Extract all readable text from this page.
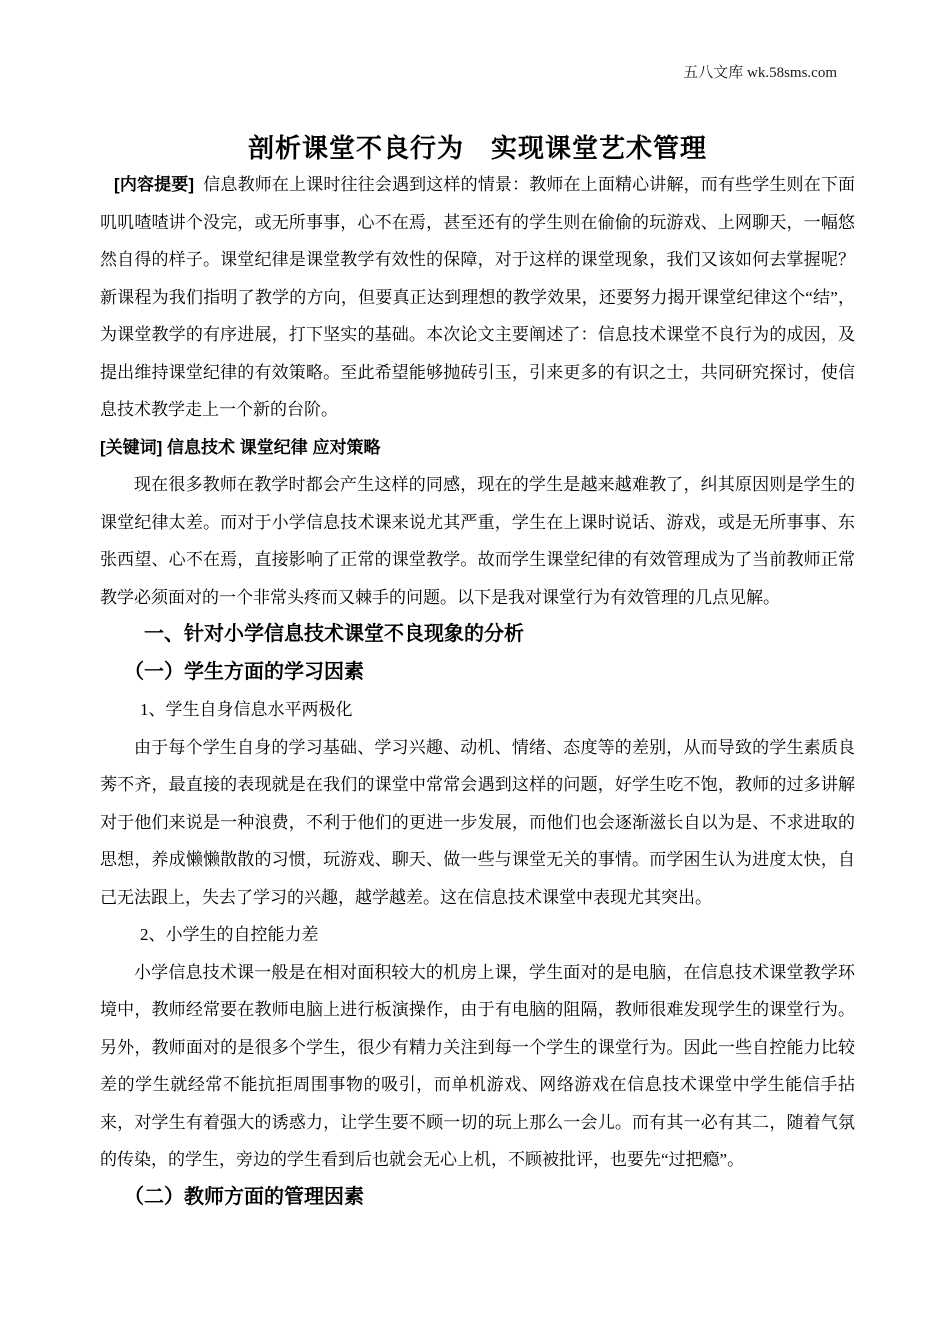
五八文库 wk.58sms.com
剖析课堂不良行为　实现课堂艺术管理

[内容提要] 信息教师在上课时往往会遇到这样的情景：教师在上面精心讲解，而有些学生则在下面叽叽喳喳讲个没完，或无所事事，心不在焉，甚至还有的学生则在偷偷的玩游戏、上网聊天，一幅悠然自得的样子。课堂纪律是课堂教学有效性的保障，对于这样的课堂现象，我们又该如何去掌握呢？新课程为我们指明了教学的方向，但要真正达到理想的教学效果，还要努力揭开课堂纪律这个“结”，为课堂教学的有序进展，打下坚实的基础。本次论文主要阐述了：信息技术课堂不良行为的成因，及提出维持课堂纪律的有效策略。至此希望能够抛砖引玉，引来更多的有识之士，共同研究探讨，使信息技术教学走上一个新的台阶。

[关键词] 信息技术 课堂纪律 应对策略

现在很多教师在教学时都会产生这样的同感，现在的学生是越来越难教了，纠其原因则是学生的课堂纪律太差。而对于小学信息技术课来说尤其严重，学生在上课时说话、游戏，或是无所事事、东张西望、心不在焉，直接影响了正常的课堂教学。故而学生课堂纪律的有效管理成为了当前教师正常教学必须面对的一个非常头疼而又棘手的问题。以下是我对课堂行为有效管理的几点见解。

一、针对小学信息技术课堂不良现象的分析

（一）学生方面的学习因素

1、学生自身信息水平两极化

由于每个学生自身的学习基础、学习兴趣、动机、情绪、态度等的差别，从而导致的学生素质良莠不齐，最直接的表现就是在我们的课堂中常常会遇到这样的问题，好学生吃不饱，教师的过多讲解对于他们来说是一种浪费，不利于他们的更进一步发展，而他们也会逐渐滋长自以为是、不求进取的思想，养成懒懒散散的习惯，玩游戏、聊天、做一些与课堂无关的事情。而学困生认为进度太快，自己无法跟上，失去了学习的兴趣，越学越差。这在信息技术课堂中表现尤其突出。

2、小学生的自控能力差

小学信息技术课一般是在相对面积较大的机房上课，学生面对的是电脑，在信息技术课堂教学环境中，教师经常要在教师电脑上进行板演操作，由于有电脑的阻隔，教师很难发现学生的课堂行为。另外，教师面对的是很多个学生，很少有精力关注到每一个学生的课堂行为。因此一些自控能力比较差的学生就经常不能抗拒周围事物的吸引，而单机游戏、网络游戏在信息技术课堂中学生能信手拈来，对学生有着强大的诱惑力，让学生要不顾一切的玩上那么一会儿。而有其一必有其二，随着气氛的传染，的学生，旁边的学生看到后也就会无心上机，不顾被批评，也要先“过把瘾”。

（二）教师方面的管理因素
